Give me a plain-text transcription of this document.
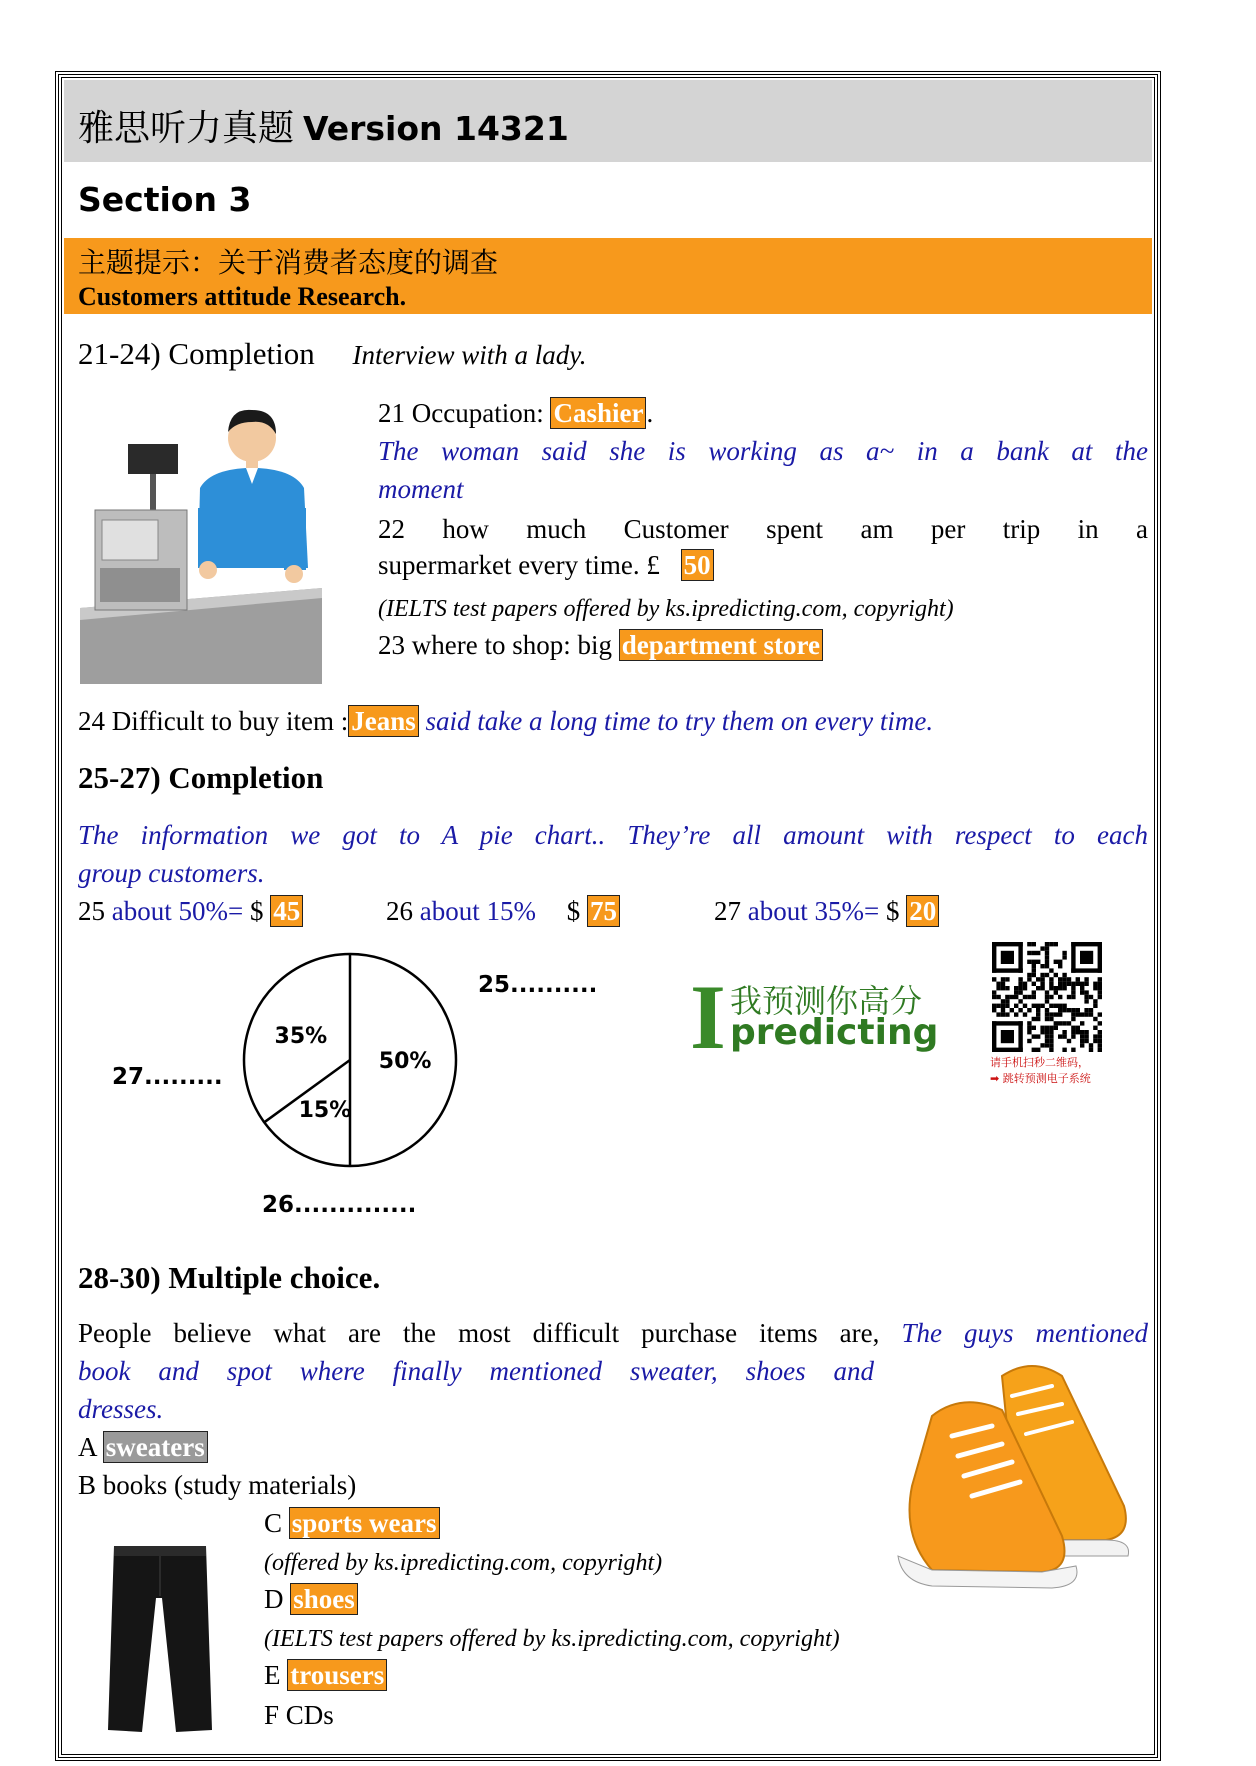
雅思听力真题 Version 14321
Section 3
主题提示：关于消费者态度的调查
Customers attitude Research.
21-24) Completion Interview with a lady.
21 Occupation: Cashier .
The woman said she is working as a~ in a bank at the
moment
22 how much Customer spent am per trip in a
supermarket every time. £ 50
(IELTS test papers offered by ks.ipredicting.com, copyright)
23 where to shop: big department store
24 Difficult to buy item : Jeans said take a long time to try them on every time.
25-27) Completion
The information we got to A pie chart.. They’re all amount with respect to each
group customers.
25 about 50%= $ 45	26 about 15% $ 75	27 about 35%= $ 20
50%
15%
35%
25..........
27.........
26..............
I 我预测你高分
predicting
请手机扫秒二维码，
➡ 跳转预测电子系统
28-30) Multiple choice.
People believe what are the most difficult purchase items are, The guys mentioned
book and spot where finally mentioned sweater, shoes and
dresses.
A sweaters
B books (study materials)
C sports wears
(offered by ks.ipredicting.com, copyright)
D shoes
(IELTS test papers offered by ks.ipredicting.com, copyright)
E trousers
F CDs
